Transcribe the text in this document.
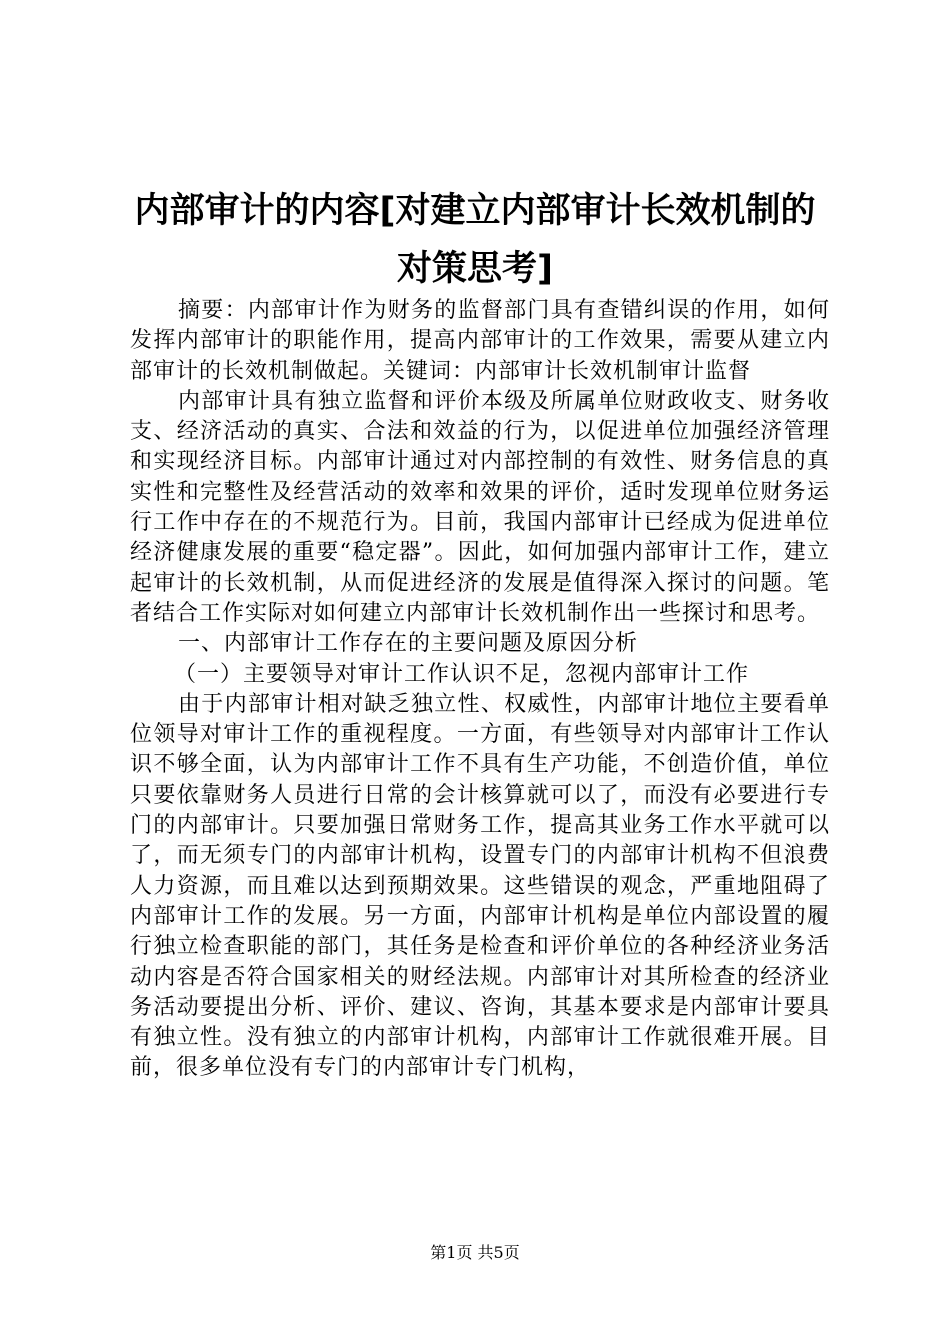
内部审计的内容[对建立内部审计长效机制的

对策思考]

摘要：内部审计作为财务的监督部门具有查错纠误的作用，如何发挥内部审计的职能作用，提高内部审计的工作效果，需要从建立内部审计的长效机制做起。关键词：内部审计长效机制审计监督

内部审计具有独立监督和评价本级及所属单位财政收支、财务收支、经济活动的真实、合法和效益的行为，以促进单位加强经济管理和实现经济目标。内部审计通过对内部控制的有效性、财务信息的真实性和完整性及经营活动的效率和效果的评价，适时发现单位财务运行工作中存在的不规范行为。目前，我国内部审计已经成为促进单位经济健康发展的重要“稳定器”。因此，如何加强内部审计工作，建立起审计的长效机制，从而促进经济的发展是值得深入探讨的问题。笔者结合工作实际对如何建立内部审计长效机制作出一些探讨和思考。

一、内部审计工作存在的主要问题及原因分析

（一）主要领导对审计工作认识不足，忽视内部审计工作

由于内部审计相对缺乏独立性、权威性，内部审计地位主要看单位领导对审计工作的重视程度。一方面，有些领导对内部审计工作认识不够全面，认为内部审计工作不具有生产功能，不创造价值，单位只要依靠财务人员进行日常的会计核算就可以了，而没有必要进行专门的内部审计。只要加强日常财务工作，提高其业务工作水平就可以了，而无须专门的内部审计机构，设置专门的内部审计机构不但浪费人力资源，而且难以达到预期效果。这些错误的观念，严重地阻碍了内部审计工作的发展。另一方面，内部审计机构是单位内部设置的履行独立检查职能的部门，其任务是检查和评价单位的各种经济业务活动内容是否符合国家相关的财经法规。内部审计对其所检查的经济业务活动要提出分析、评价、建议、咨询，其基本要求是内部审计要具有独立性。没有独立的内部审计机构，内部审计工作就很难开展。目前，很多单位没有专门的内部审计专门机构，

第1页 共5页
